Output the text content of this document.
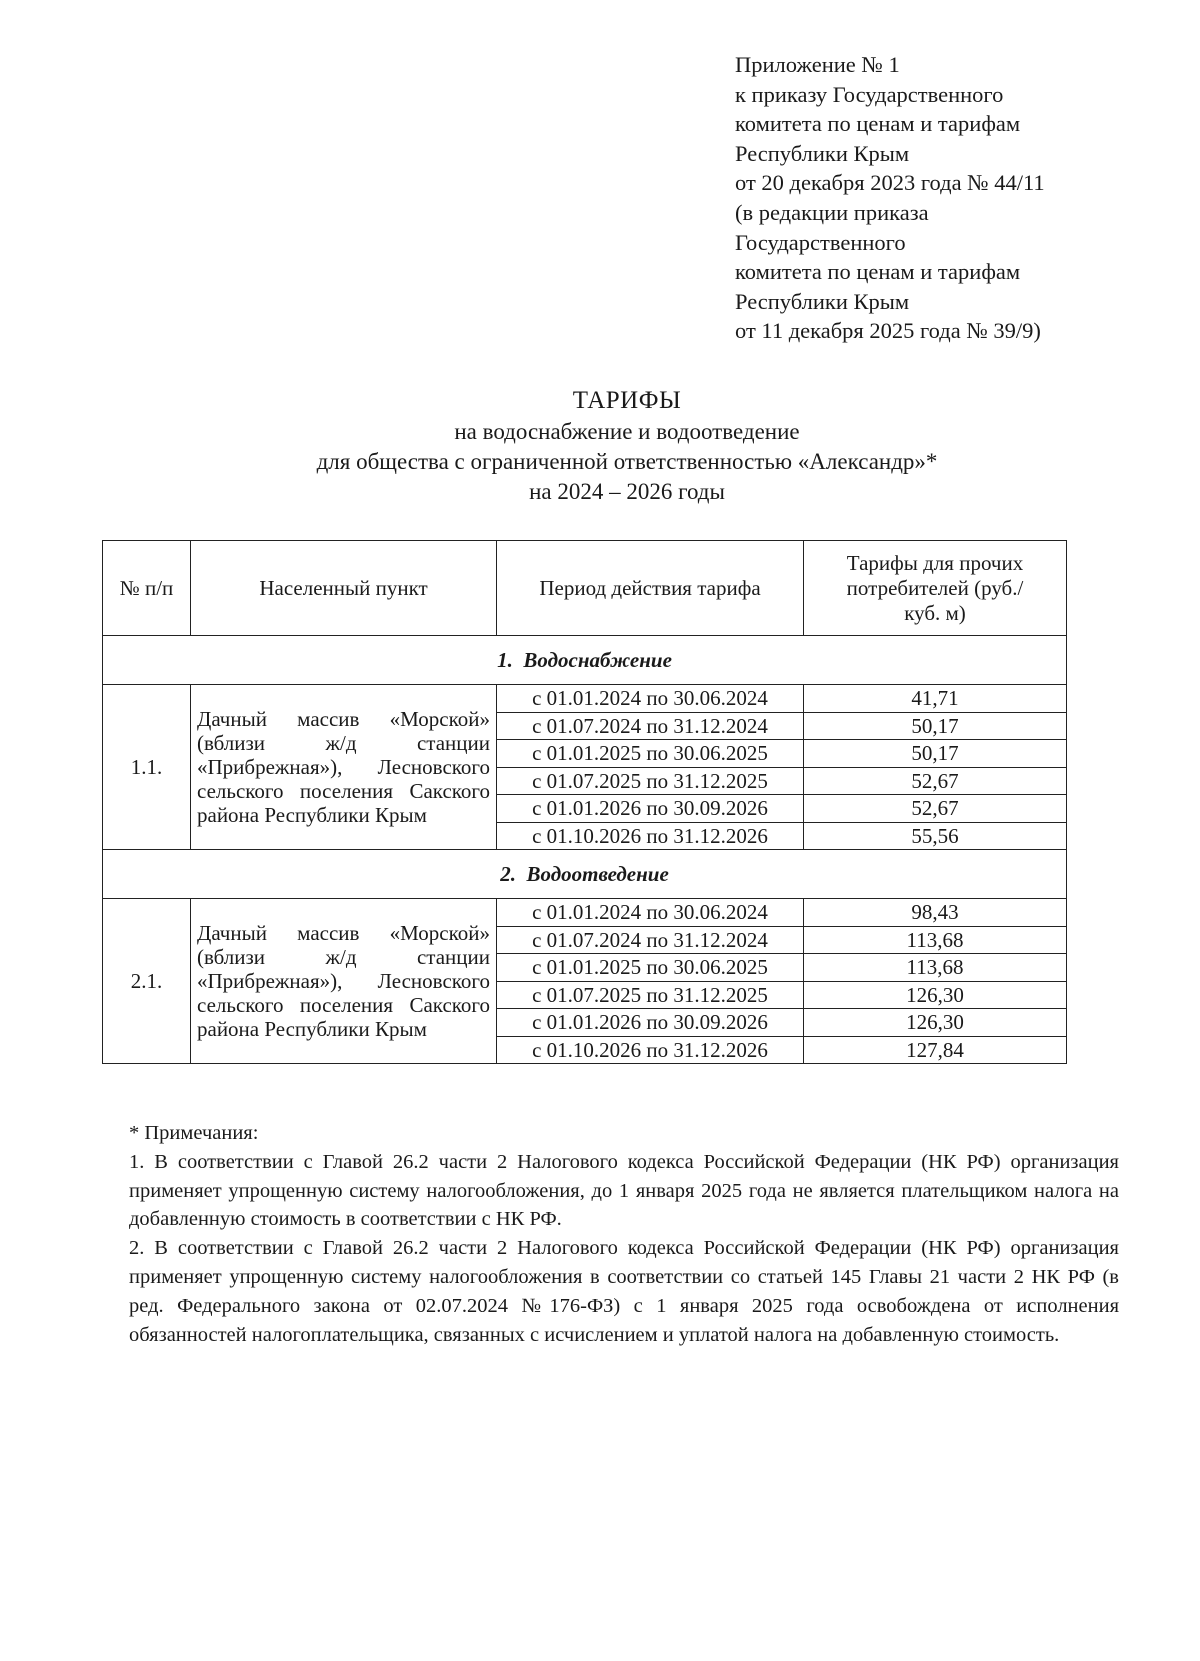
Приложение № 1
к приказу Государственного
комитета по ценам и тарифам
Республики Крым
от 20 декабря 2023 года № 44/11
(в редакции приказа
Государственного
комитета по ценам и тарифам
Республики Крым
от 11 декабря 2025 года № 39/9)
ТАРИФЫ
на водоснабжение и водоотведение
для общества с ограниченной ответственностью «Александр»*
на 2024 – 2026 годы
№ п/п	Населенный пункт	Период действия тарифа	Тарифы для прочих потребителей (руб./куб. м)
1.  Водоснабжение			
1.1.	Дачный массив «Морской» (вблизи ж/д станции «Прибрежная»), Лесновского сельского поселения Сакского района Республики Крым	с 01.01.2024 по 30.06.2024	41,71
		с 01.07.2024 по 31.12.2024	50,17
		с 01.01.2025 по 30.06.2025	50,17
		с 01.07.2025 по 31.12.2025	52,67
		с 01.01.2026 по 30.09.2026	52,67
		с 01.10.2026 по 31.12.2026	55,56
2.  Водоотведение			
2.1.	Дачный массив «Морской» (вблизи ж/д станции «Прибрежная»), Лесновского сельского поселения Сакского района Республики Крым	с 01.01.2024 по 30.06.2024	98,43
		с 01.07.2024 по 31.12.2024	113,68
		с 01.01.2025 по 30.06.2025	113,68
		с 01.07.2025 по 31.12.2025	126,30
		с 01.01.2026 по 30.09.2026	126,30
		с 01.10.2026 по 31.12.2026	127,84

* Примечания:

1. В соответствии с Главой 26.2 части 2 Налогового кодекса Российской Федерации (НК РФ) организация применяет упрощенную систему налогообложения, до 1 января 2025 года не является плательщиком налога на добавленную стоимость в соответствии с НК РФ.

2. В соответствии с Главой 26.2 части 2 Налогового кодекса Российской Федерации (НК РФ) организация применяет упрощенную систему налогообложения в соответствии со статьей 145 Главы 21 части 2 НК РФ (в ред. Федерального закона от 02.07.2024 №176-ФЗ) с 1 января 2025 года освобождена от исполнения обязанностей налогоплательщика, связанных с исчислением и уплатой налога на добавленную стоимость.
